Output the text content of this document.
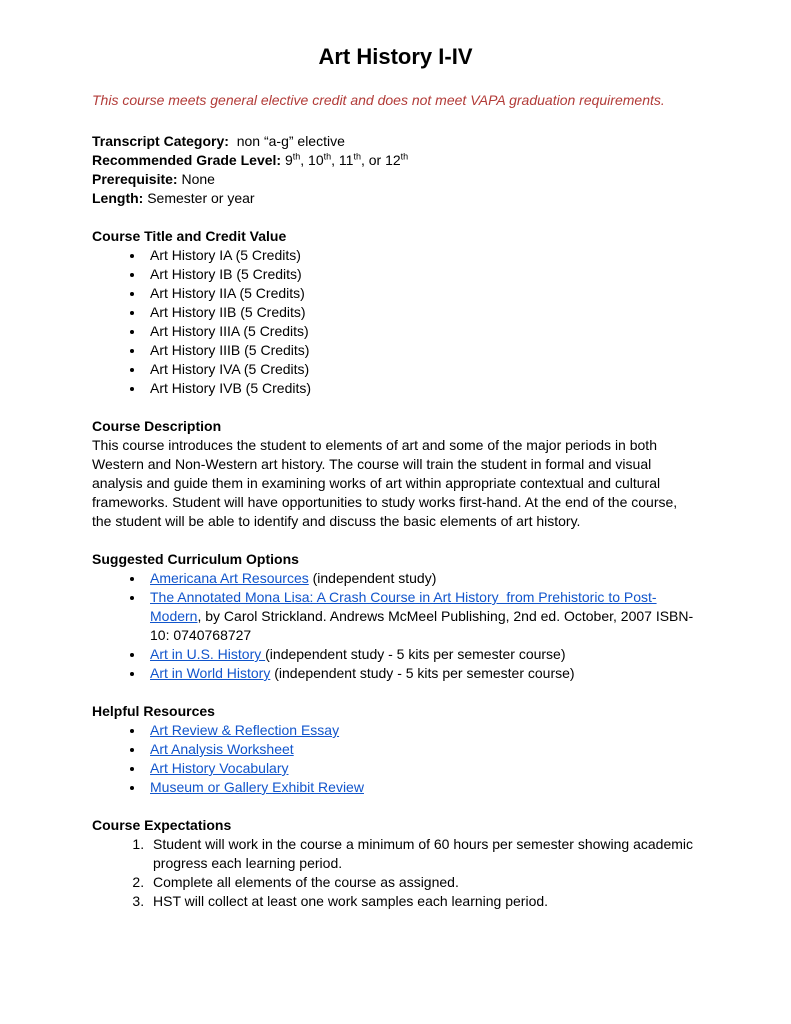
Art History I-IV

This course meets general elective credit and does not meet VAPA graduation requirements.

Transcript Category:  non “a-g” elective
Recommended Grade Level: 9th, 10th, 11th, or 12th
Prerequisite: None
Length: Semester or year
Course Title and Credit Value
• Art History IA (5 Credits)
• Art History IB (5 Credits)
• Art History IIA (5 Credits)
• Art History IIB (5 Credits)
• Art History IIIA (5 Credits)
• Art History IIIB (5 Credits)
• Art History IVA (5 Credits)
• Art History IVB (5 Credits)
Course Description

This course introduces the student to elements of art and some of the major periods in both Western and Non-Western art history. The course will train the student in formal and visual analysis and guide them in examining works of art within appropriate contextual and cultural frameworks. Student will have opportunities to study works first-hand. At the end of the course, the student will be able to identify and discuss the basic elements of art history.

Suggested Curriculum Options
• Americana Art Resources (independent study)
• The Annotated Mona Lisa: A Crash Course in Art History  from Prehistoric to Post-Modern, by Carol Strickland. Andrews McMeel Publishing, 2nd ed. October, 2007 ISBN-10: 0740768727
• Art in U.S. History (independent study - 5 kits per semester course)
• Art in World History (independent study - 5 kits per semester course)
Helpful Resources
• Art Review & Reflection Essay
• Art Analysis Worksheet
• Art History Vocabulary
• Museum or Gallery Exhibit Review
Course Expectations
1. Student will work in the course a minimum of 60 hours per semester showing academic progress each learning period.
2. Complete all elements of the course as assigned.
3. HST will collect at least one work samples each learning period.
